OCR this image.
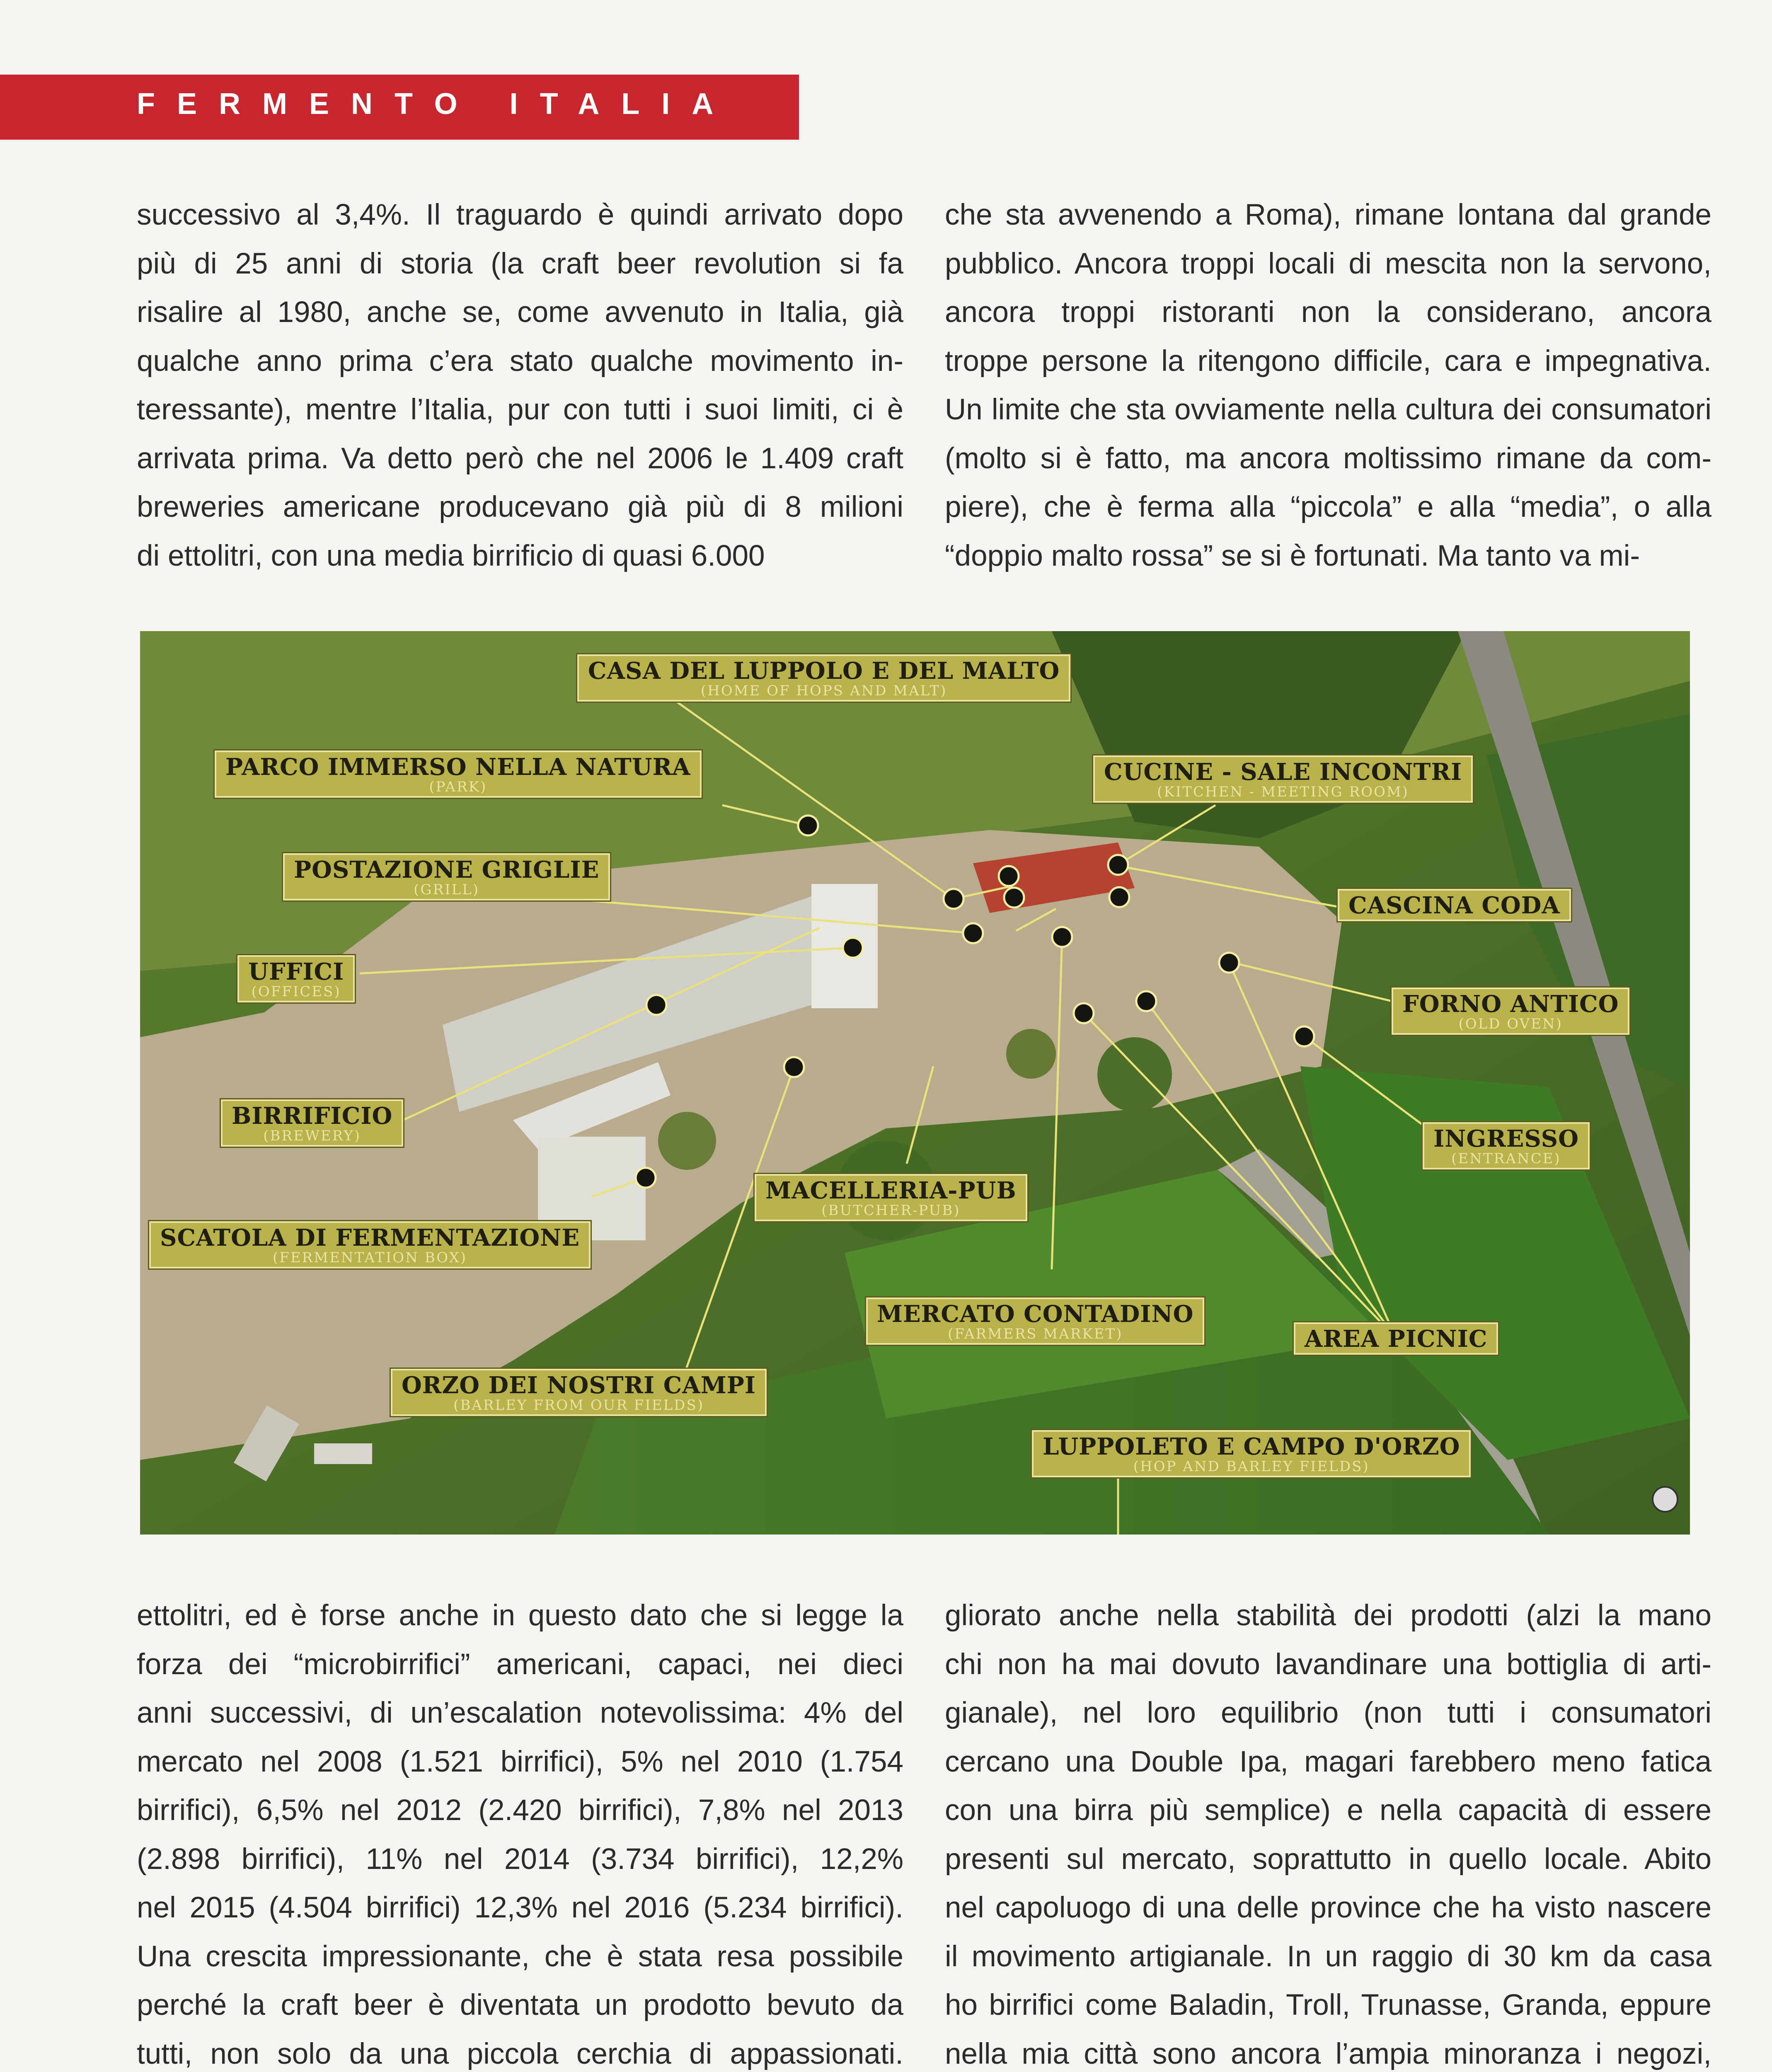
FERMENTO ITALIA

successivo al 3,4%. Il traguardo è quindi arrivato dopo

più di 25 anni di storia (la craft beer revolution si fa

risalire al 1980, anche se, come avvenuto in Italia, già

qualche anno prima c’era stato qualche movimento in-

teressante), mentre l’Italia, pur con tutti i suoi limiti, ci è

arrivata prima. Va detto però che nel 2006 le 1.409 craft

breweries americane producevano già più di 8 milioni

di ettolitri, con una media birrificio di quasi 6.000

che sta avvenendo a Roma), rimane lontana dal grande

pubblico. Ancora troppi locali di mescita non la servono,

ancora troppi ristoranti non la considerano, ancora

troppe persone la ritengono difficile, cara e impegnativa.

Un limite che sta ovviamente nella cultura dei consumatori

(molto si è fatto, ma ancora moltissimo rimane da com-

piere), che è ferma alla “piccola” e alla “media”, o alla

“doppio malto rossa” se si è fortunati. Ma tanto va mi-

CASA DEL LUPPOLO E DEL MALTO
(HOME OF HOPS AND MALT)
PARCO IMMERSO NELLA NATURA
(PARK)
CUCINE - SALE INCONTRI
(KITCHEN - MEETING ROOM)
POSTAZIONE GRIGLIE
(GRILL)
CASCINA CODA
UFFICI
(OFFICES)	FORNO ANTICO
(OLD OVEN)
BIRRIFICIO
(BREWERY)	INGRESSO
(ENTRANCE)
MACELLERIA-PUB
(BUTCHER-PUB)
SCATOLA DI FERMENTAZIONE
(FERMENTATION BOX)
MERCATO CONTADINO
(FARMERS MARKET)	AREA PICNIC
ORZO DEI NOSTRI CAMPI
(BARLEY FROM OUR FIELDS)
LUPPOLETO E CAMPO D'ORZO
(HOP AND BARLEY FIELDS)

ettolitri, ed è forse anche in questo dato che si legge la

forza dei “microbirrifici” americani, capaci, nei dieci

anni successivi, di un’escalation notevolissima: 4% del

mercato nel 2008 (1.521 birrifici), 5% nel 2010 (1.754

birrifici), 6,5% nel 2012 (2.420 birrifici), 7,8% nel 2013

(2.898 birrifici), 11% nel 2014 (3.734 birrifici), 12,2%

nel 2015 (4.504 birrifici) 12,3% nel 2016 (5.234 birrifici).

Una crescita impressionante, che è stata resa possibile

perché la craft beer è diventata un prodotto bevuto da

tutti, non solo da una piccola cerchia di appassionati.

gliorato anche nella stabilità dei prodotti (alzi la mano

chi non ha mai dovuto lavandinare una bottiglia di arti-

gianale), nel loro equilibrio (non tutti i consumatori

cercano una Double Ipa, magari farebbero meno fatica

con una birra più semplice) e nella capacità di essere

presenti sul mercato, soprattutto in quello locale. Abito

nel capoluogo di una delle province che ha visto nascere

il movimento artigianale. In un raggio di 30 km da casa

ho birrifici come Baladin, Troll, Trunasse, Granda, eppure

nella mia città sono ancora l’ampia minoranza i negozi,
